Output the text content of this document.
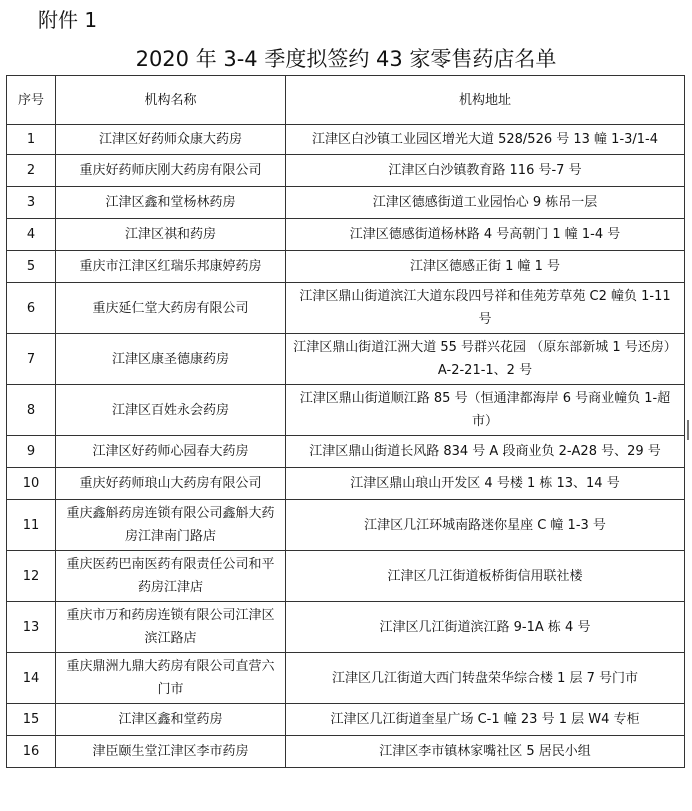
附件 1
2020 年 3-4 季度拟签约 43 家零售药店名单
序号	机构名称	机构地址
1	江津区好药师众康大药房	江津区白沙镇工业园区增光大道 528/526 号 13 幢 1-3/1-4
2	重庆好药师庆刚大药房有限公司	江津区白沙镇教育路 116 号-7 号
3	江津区鑫和堂杨林药房	江津区德感街道工业园怡心 9 栋吊一层
4	江津区祺和药房	江津区德感街道杨林路 4 号高朝门 1 幢 1-4 号
5	重庆市江津区红瑞乐邦康婷药房	江津区德感正街 1 幢 1 号
6	重庆延仁堂大药房有限公司	江津区鼎山街道滨江大道东段四号祥和佳苑芳草苑 C2 幢负 1-11 号
7	江津区康圣德康药房	江津区鼎山街道江洲大道 55 号群兴花园 （原东部新城 1 号还房） A-2-21-1、2 号
8	江津区百姓永会药房	江津区鼎山街道顺江路 85 号（恒通津都海岸 6 号商业幢负 1-超市）
9	江津区好药师心园春大药房	江津区鼎山街道长风路 834 号 A 段商业负 2-A28 号、29 号
10	重庆好药师琅山大药房有限公司	江津区鼎山琅山开发区 4 号楼 1 栋 13、14 号
11	重庆鑫斛药房连锁有限公司鑫斛大药房江津南门路店	江津区几江环城南路迷你星座 C 幢 1-3 号
12	重庆医药巴南医药有限责任公司和平药房江津店	江津区几江街道板桥街信用联社楼
13	重庆市万和药房连锁有限公司江津区滨江路店	江津区几江街道滨江路 9-1A 栋 4 号
14	重庆鼎洲九鼎大药房有限公司直营六门市	江津区几江街道大西门转盘荣华综合楼 1 层 7 号门市
15	江津区鑫和堂药房	江津区几江街道奎星广场 C-1 幢 23 号 1 层 W4 专柜
16	津臣颐生堂江津区李市药房	江津区李市镇林家嘴社区 5 居民小组
